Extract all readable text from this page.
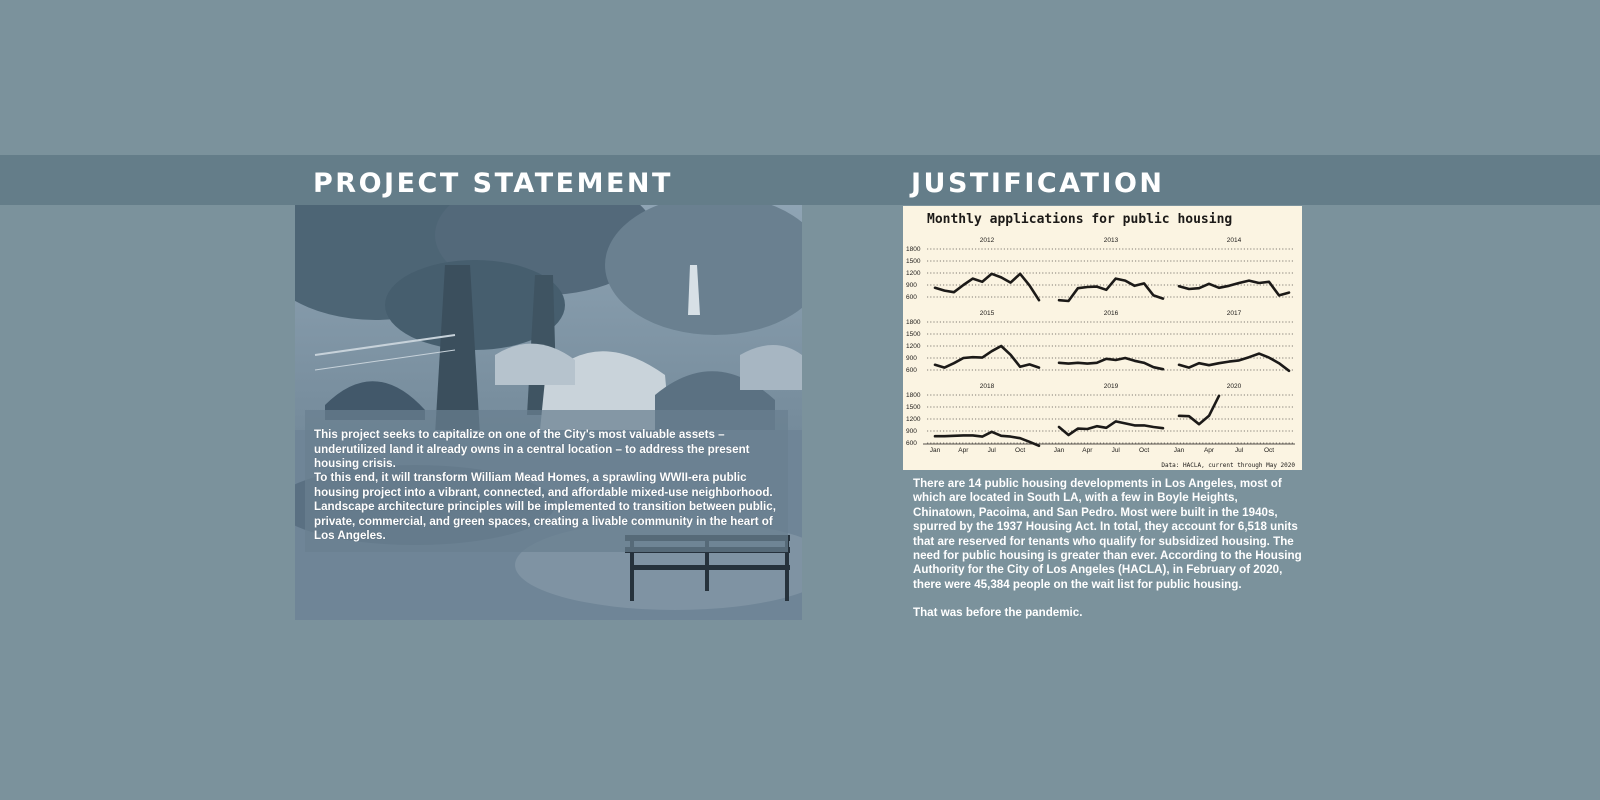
PROJECT STATEMENT	JUSTIFICATION

This project seeks to capitalize on one of the City's most valuable assets – underutilized land it already owns in a central location – to address the present housing crisis.

To this end, it will transform William Mead Homes, a sprawling WWII-era public housing project into a vibrant, connected, and affordable mixed-use neighborhood. Landscape architecture principles will be implemented to transition between public, private, commercial, and green spaces, creating a livable community in the heart of Los Angeles.

Monthly applications for public housing
Data: HACLA, current through May 2020
600
900
1200
1500
1800
2012	2013	2014
600
900
1200
1500
1800
2015	2016	2017
600
900
1200
1500
1800
2018	2019	2020
Jan	Apr	Jul	Oct	Jan	Apr	Jul	Oct	Jan	Apr	Jul	Oct

There are 14 public housing developments in Los Angeles, most of which are located in South LA, with a few in Boyle Heights, Chinatown, Pacoima, and San Pedro. Most were built in the 1940s, spurred by the 1937 Housing Act. In total, they account for 6,518 units that are reserved for tenants who qualify for subsidized housing. The need for public housing is greater than ever. According to the Housing Authority for the City of Los Angeles (HACLA), in February of 2020, there were 45,384 people on the wait list for public housing.

That was before the pandemic.
